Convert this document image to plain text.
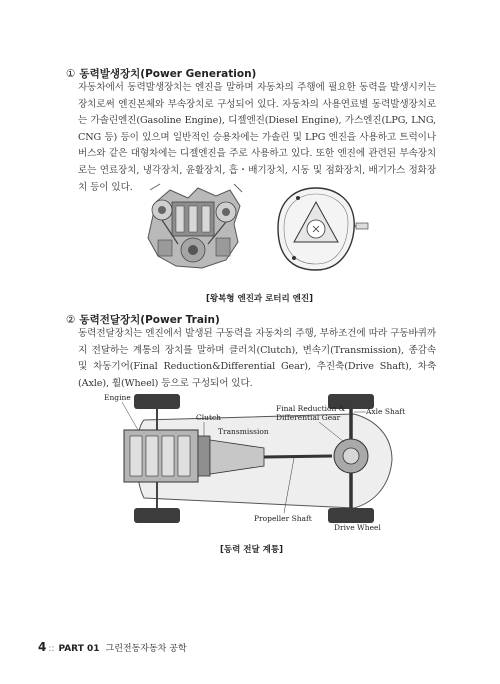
① 동력발생장치(Power Generation)
자동차에서 동력발생장치는 엔진을 말하며 자동차의 주행에 필요한 동력을 발생시키는 장치로써 엔진본체와 부속장치로 구성되어 있다. 자동차의 사용연료별 동력발생장치로는 가솔린엔진(Gasoline Engine), 디젤엔진(Diesel Engine), 가스엔진(LPG, LNG, CNG 등) 등이 있으며 일반적인 승용차에는 가솔린 및 LPG 엔진을 사용하고 트럭이나 버스와 같은 대형차에는 디젤엔진을 주로 사용하고 있다. 또한 엔진에 관련된 부속장치로는 연료장치, 냉각장치, 윤활장치, 흡・배기장치, 시동 및 점화장치, 배기가스 정화장치 등이 있다.
[왕복형 엔진과 로터리 엔진]
② 동력전달장치(Power Train)
동력전달장치는 엔진에서 발생된 구동력을 자동차의 주행, 부하조건에 따라 구동바퀴까지 전달하는 계통의 장치를 말하며 클러치(Clutch), 변속기(Transmission), 종감속 및 차동기어(Final Reduction&Differential Gear), 추진축(Drive Shaft), 차축(Axle), 휠(Wheel) 등으로 구성되어 있다.
Engine
Clutch
Transmission
Final Reduction &
Differential Gear
Axle Shaft
Propeller Shaft
Drive Wheel
[동력 전달 계통]
4 :: PART 01 그린전동자동차 공학
